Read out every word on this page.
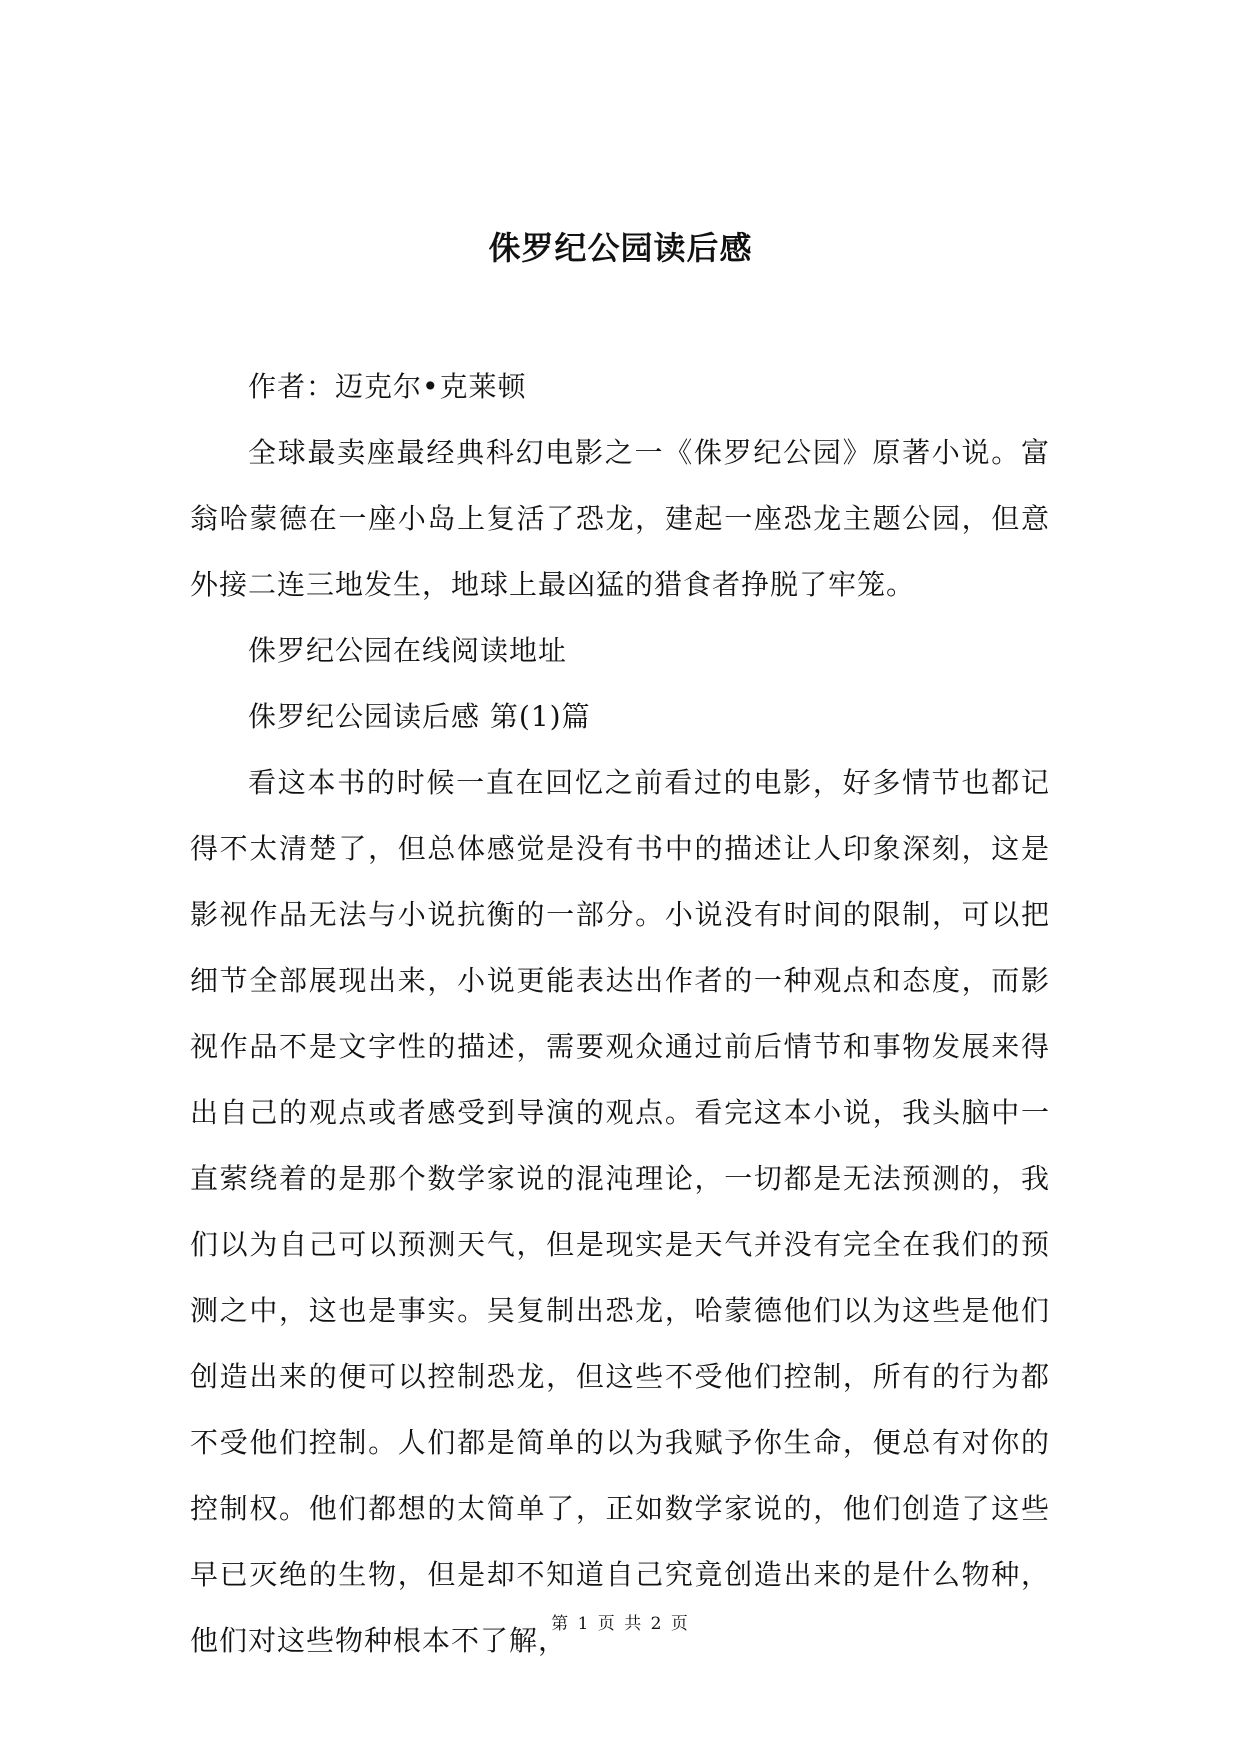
侏罗纪公园读后感

作者：迈克尔•克莱顿

全球最卖座最经典科幻电影之一《侏罗纪公园》原著小说。富翁哈蒙德在一座小岛上复活了恐龙，建起一座恐龙主题公园，但意外接二连三地发生，地球上最凶猛的猎食者挣脱了牢笼。

侏罗纪公园在线阅读地址

侏罗纪公园读后感 第(1)篇

看这本书的时候一直在回忆之前看过的电影，好多情节也都记得不太清楚了，但总体感觉是没有书中的描述让人印象深刻，这是影视作品无法与小说抗衡的一部分。小说没有时间的限制，可以把细节全部展现出来，小说更能表达出作者的一种观点和态度，而影视作品不是文字性的描述，需要观众通过前后情节和事物发展来得出自己的观点或者感受到导演的观点。看完这本小说，我头脑中一直萦绕着的是那个数学家说的混沌理论，一切都是无法预测的，我们以为自己可以预测天气，但是现实是天气并没有完全在我们的预测之中，这也是事实。吴复制出恐龙，哈蒙德他们以为这些是他们创造出来的便可以控制恐龙，但这些不受他们控制，所有的行为都不受他们控制。人们都是简单的以为我赋予你生命，便总有对你的控制权。他们都想的太简单了，正如数学家说的，他们创造了这些早已灭绝的生物，但是却不知道自己究竟创造出来的是什么物种，他们对这些物种根本不了解，

第 1 页 共 2 页
